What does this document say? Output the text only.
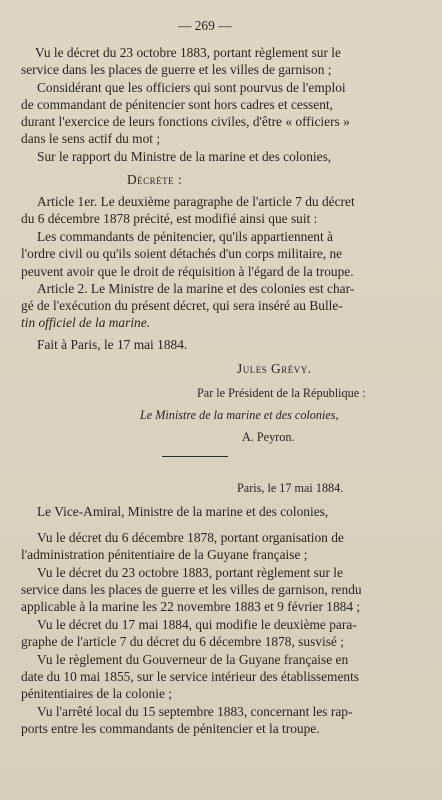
— 269 —
Vu le décret du 23 octobre 1883, portant règlement sur le
service dans les places de guerre et les villes de garnison ;
Considérant que les officiers qui sont pourvus de l'emploi
de commandant de pénitencier sont hors cadres et cessent,
durant l'exercice de leurs fonctions civiles, d'être « officiers »
dans le sens actif du mot ;
Sur le rapport du Ministre de la marine et des colonies,
Décrète :
Article 1er. Le deuxième paragraphe de l'article 7 du décret
du 6 décembre 1878 précité, est modifié ainsi que suit :
Les commandants de pénitencier, qu'ils appartiennent à
l'ordre civil ou qu'ils soient détachés d'un corps militaire, ne
peuvent avoir que le droit de réquisition à l'égard de la troupe.
Article 2. Le Ministre de la marine et des colonies est char-
gé de l'exécution du présent décret, qui sera inséré au Bulle-
tin officiel de la marine.
Fait à Paris, le 17 mai 1884.
Jules Grévy.
Par le Président de la République :
Le Ministre de la marine et des colonies,
A. Peyron.
Paris, le 17 mai 1884.
Le Vice-Amiral, Ministre de la marine et des colonies,
Vu le décret du 6 décembre 1878, portant organisation de
l'administration pénitentiaire de la Guyane française ;
Vu le décret du 23 octobre 1883, portant règlement sur le
service dans les places de guerre et les villes de garnison, rendu
applicable à la marine les 22 novembre 1883 et 9 février 1884 ;
Vu le décret du 17 mai 1884, qui modifie le deuxième para-
graphe de l'article 7 du décret du 6 décembre 1878, susvisé ;
Vu le règlement du Gouverneur de la Guyane française en
date du 10 mai 1855, sur le service intérieur des établissements
pénitentiaires de la colonie ;
Vu l'arrêté local du 15 septembre 1883, concernant les rap-
ports entre les commandants de pénitencier et la troupe.
